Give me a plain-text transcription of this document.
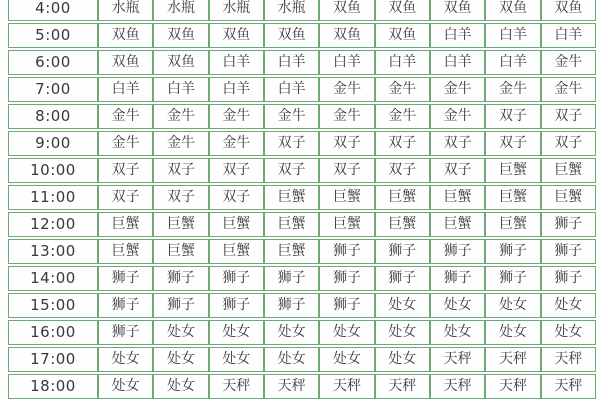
4:00	水瓶	水瓶	水瓶	水瓶	双鱼	双鱼	双鱼	双鱼	双鱼
5:00	双鱼	双鱼	双鱼	双鱼	双鱼	双鱼	白羊	白羊	白羊
6:00	双鱼	双鱼	白羊	白羊	白羊	白羊	白羊	白羊	金牛
7:00	白羊	白羊	白羊	白羊	金牛	金牛	金牛	金牛	金牛
8:00	金牛	金牛	金牛	金牛	金牛	金牛	金牛	双子	双子
9:00	金牛	金牛	金牛	双子	双子	双子	双子	双子	双子
10:00	双子	双子	双子	双子	双子	双子	双子	巨蟹	巨蟹
11:00	双子	双子	双子	巨蟹	巨蟹	巨蟹	巨蟹	巨蟹	巨蟹
12:00	巨蟹	巨蟹	巨蟹	巨蟹	巨蟹	巨蟹	巨蟹	巨蟹	狮子
13:00	巨蟹	巨蟹	巨蟹	巨蟹	狮子	狮子	狮子	狮子	狮子
14:00	狮子	狮子	狮子	狮子	狮子	狮子	狮子	狮子	狮子
15:00	狮子	狮子	狮子	狮子	狮子	处女	处女	处女	处女
16:00	狮子	处女	处女	处女	处女	处女	处女	处女	处女
17:00	处女	处女	处女	处女	处女	处女	天秤	天秤	天秤
18:00	处女	处女	天秤	天秤	天秤	天秤	天秤	天秤	天秤
